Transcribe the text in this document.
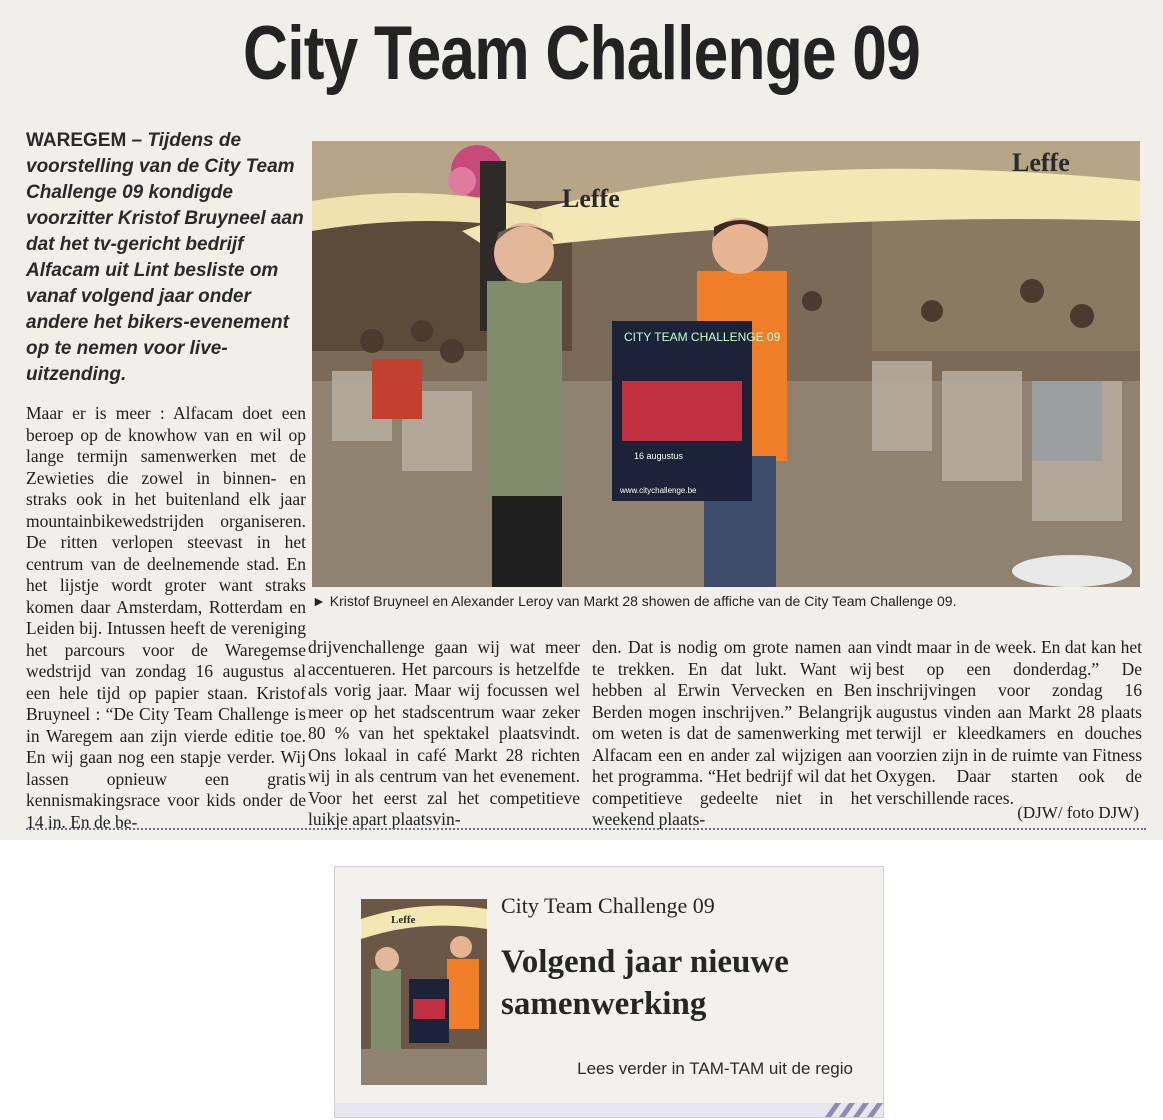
City Team Challenge 09
WAREGEM – Tijdens de voorstelling van de City Team Challenge 09 kondigde voorzitter Kristof Bruyneel aan dat het tv-gericht bedrijf Alfacam uit Lint besliste om vanaf volgend jaar onder andere het bikers-evenement op te nemen voor live-uitzending.
Maar er is meer : Alfacam doet een beroep op de knowhow van en wil op lange termijn samenwerken met de Zewieties die zowel in binnen- en straks ook in het buitenland elk jaar mountainbikewedstrijden organiseren. De ritten verlopen steevast in het centrum van de deelnemende stad. En het lijstje wordt groter want straks komen daar Amsterdam, Rotterdam en Leiden bij. Intussen heeft de vereniging het parcours voor de Waregemse wedstrijd van zondag 16 augustus al een hele tijd op papier staan. Kristof Bruyneel : “De City Team Challenge is in Waregem aan zijn vierde editie toe. En wij gaan nog een stapje verder. Wij lassen opnieuw een gratis kennismakingsrace voor kids onder de 14 in. En de be-
Leffe
Leffe
CITY TEAM CHALLENGE 09
16 augustus
www.citychallenge.be
► Kristof Bruyneel en Alexander Leroy van Markt 28 showen de affiche van de City Team Challenge 09.
drijvenchallenge gaan wij wat meer accentueren. Het parcours is hetzelfde als vorig jaar. Maar wij focussen wel meer op het stadscentrum waar zeker 80 % van het spektakel plaatsvindt. Ons lokaal in café Markt 28 richten wij in als centrum van het evenement. Voor het eerst zal het competitieve luikje apart plaatsvin-
den. Dat is nodig om grote namen aan te trekken. En dat lukt. Want wij hebben al Erwin Vervecken en Ben Berden mogen inschrijven.” Belangrijk om weten is dat de samenwerking met Alfacam een en ander zal wijzigen aan het programma. “Het bedrijf wil dat het competitieve gedeelte niet in het weekend plaats-
vindt maar in de week. En dat kan het best op een donderdag.” De inschrijvingen voor zondag 16 augustus vinden aan Markt 28 plaats terwijl er kleedkamers en douches voorzien zijn in de ruimte van Fitness Oxygen. Daar starten ook de verschillende races.
(DJW/ foto DJW)
Leffe
City Team Challenge 09
Volgend jaar nieuwe samenwerking
Lees verder in TAM-TAM uit de regio
